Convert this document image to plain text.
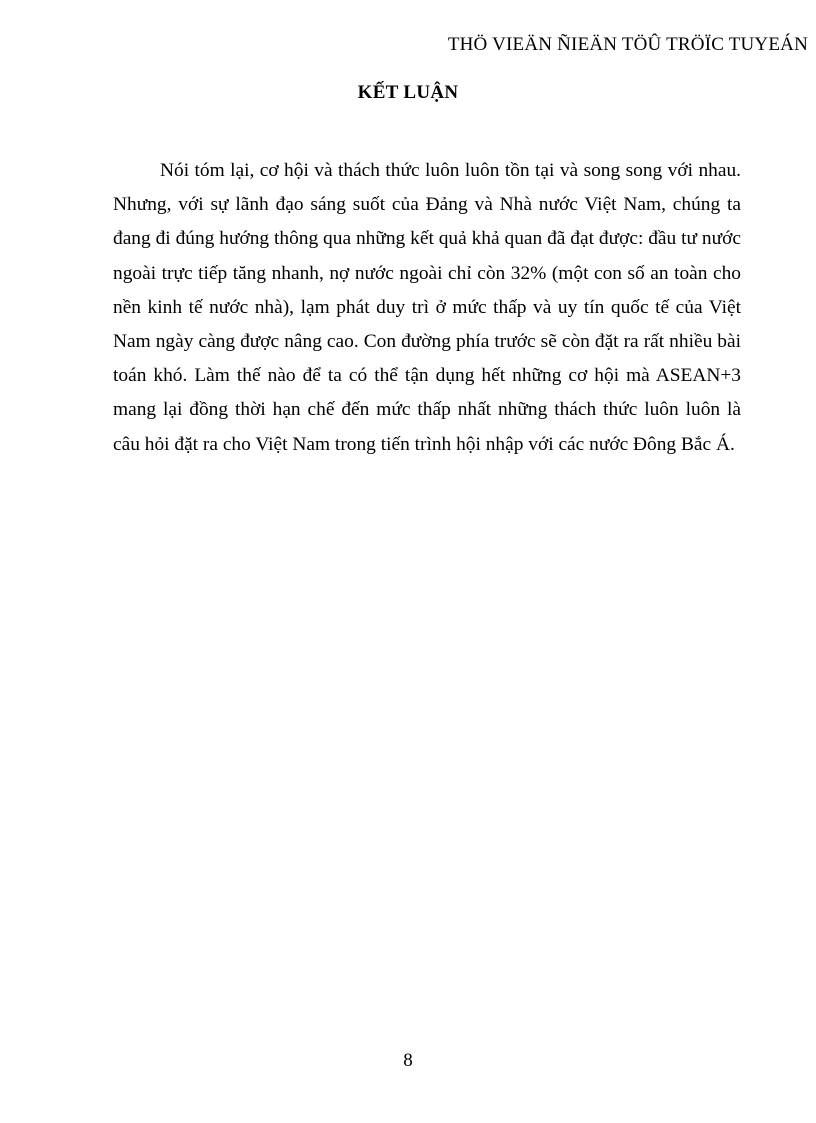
THÖ VIEÄN ÑIEÄN TÖÛ TRÖÏC TUYEÁN
KẾT LUẬN

Nói tóm lại, cơ hội và thách thức luôn luôn tồn tại và song song với nhau. Nhưng, với sự lãnh đạo sáng suốt của Đảng và Nhà nước Việt Nam, chúng ta đang đi đúng hướng thông qua những kết quả khả quan đã đạt được: đầu tư nước ngoài trực tiếp tăng nhanh, nợ nước ngoài chỉ còn 32% (một con số an toàn cho nền kinh tế nước nhà), lạm phát duy trì ở mức thấp và uy tín quốc tế của Việt Nam ngày càng được nâng cao. Con đường phía trước sẽ còn đặt ra rất nhiều bài toán khó. Làm thế nào để ta có thể tận dụng hết những cơ hội mà ASEAN+3 mang lại đồng thời hạn chế đến mức thấp nhất những thách thức luôn luôn là câu hỏi đặt ra cho Việt Nam trong tiến trình hội nhập với các nước Đông Bắc Á.

8
